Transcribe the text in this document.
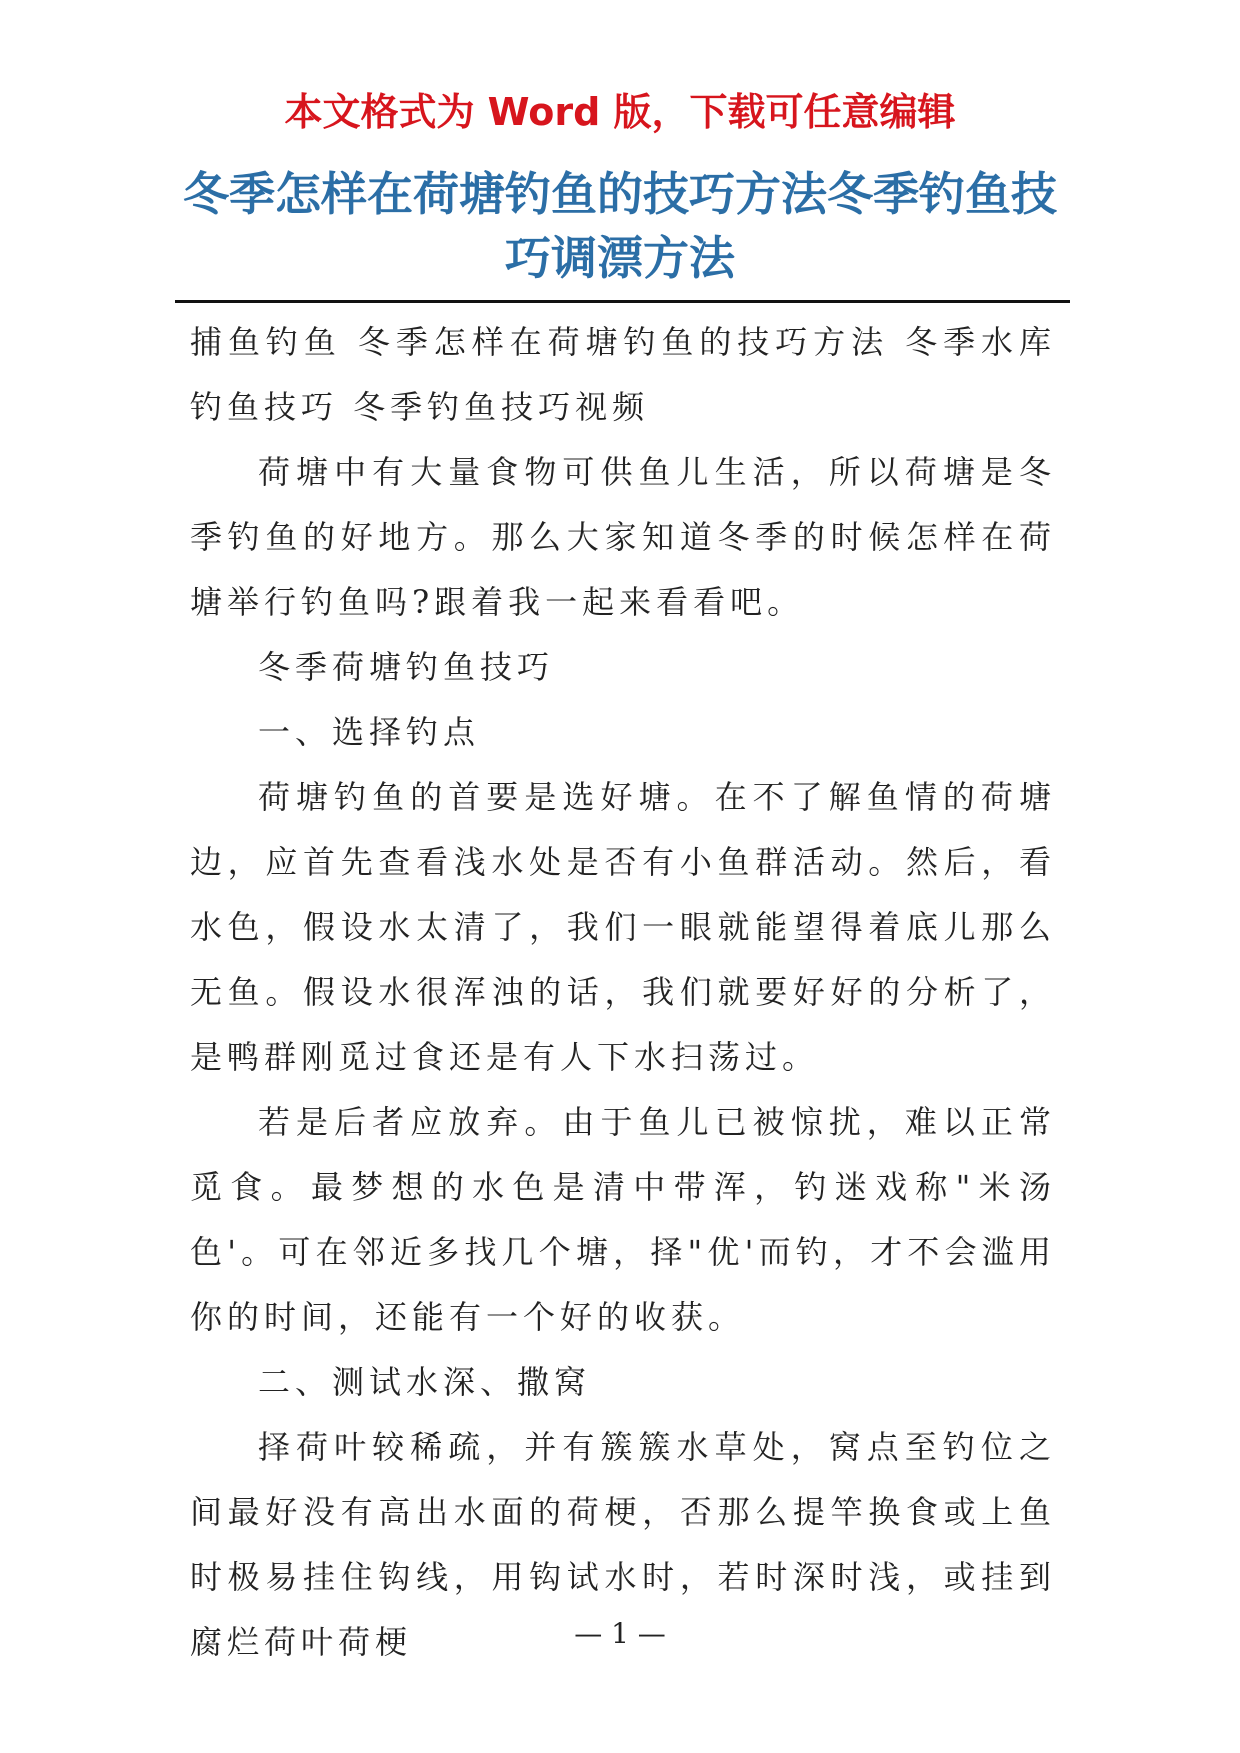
本文格式为 Word 版，下载可任意编辑
冬季怎样在荷塘钓鱼的技巧方法冬季钓鱼技巧调漂方法

捕鱼钓鱼 冬季怎样在荷塘钓鱼的技巧方法 冬季水库钓鱼技巧 冬季钓鱼技巧视频

荷塘中有大量食物可供鱼儿生活，所以荷塘是冬季钓鱼的好地方。那么大家知道冬季的时候怎样在荷塘举行钓鱼吗?跟着我一起来看看吧。

冬季荷塘钓鱼技巧

一、选择钓点

荷塘钓鱼的首要是选好塘。在不了解鱼情的荷塘边，应首先查看浅水处是否有小鱼群活动。然后，看水色，假设水太清了，我们一眼就能望得着底儿那么无鱼。假设水很浑浊的话，我们就要好好的分析了，是鸭群刚觅过食还是有人下水扫荡过。

若是后者应放弃。由于鱼儿已被惊扰，难以正常觅食。最梦想的水色是清中带浑，钓迷戏称"米汤色'。可在邻近多找几个塘，择"优'而钓，才不会滥用你的时间，还能有一个好的收获。

二、测试水深、撒窝

择荷叶较稀疏，并有簇簇水草处，窝点至钓位之间最好没有高出水面的荷梗，否那么提竿换食或上鱼时极易挂住钩线，用钩试水时，若时深时浅，或挂到腐烂荷叶荷梗	— 1 —
